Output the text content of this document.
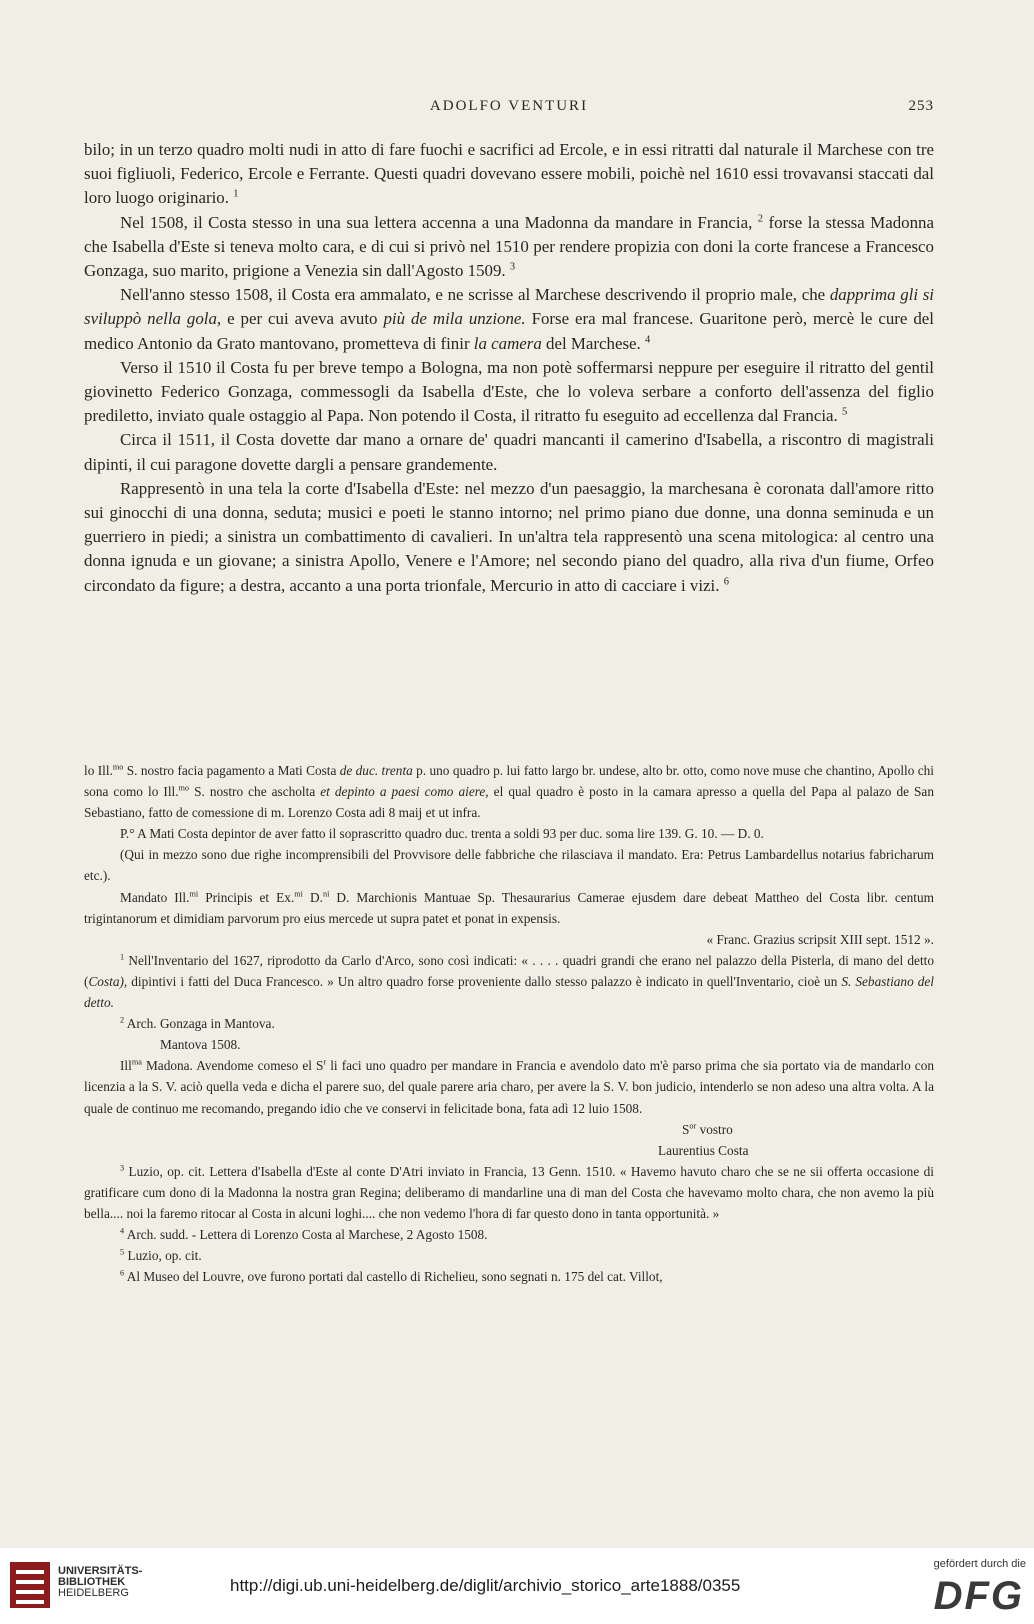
ADOLFO VENTURI	253

bilo; in un terzo quadro molti nudi in atto di fare fuochi e sacrifici ad Ercole, e in essi ritratti dal naturale il Marchese con tre suoi figliuoli, Federico, Ercole e Ferrante. Questi quadri dovevano essere mobili, poichè nel 1610 essi trovavansi staccati dal loro luogo originario. $^1$

Nel 1508, il Costa stesso in una sua lettera accenna a una Madonna da mandare in Francia, $^2$ forse la stessa Madonna che Isabella d'Este si teneva molto cara, e di cui si privò nel 1510 per rendere propizia con doni la corte francese a Francesco Gonzaga, suo marito, prigione a Venezia sin dall'Agosto 1509. $^3$

Nell'anno stesso 1508, il Costa era ammalato, e ne scrisse al Marchese descrivendo il proprio male, che dapprima gli si sviluppò nella gola, e per cui aveva avuto più de mila unzione. Forse era mal francese. Guaritone però, mercè le cure del medico Antonio da Grato mantovano, prometteva di finir la camera del Marchese. $^4$

Verso il 1510 il Costa fu per breve tempo a Bologna, ma non potè soffermarsi neppure per eseguire il ritratto del gentil giovinetto Federico Gonzaga, commessogli da Isabella d'Este, che lo voleva serbare a conforto dell'assenza del figlio prediletto, inviato quale ostaggio al Papa. Non potendo il Costa, il ritratto fu eseguito ad eccellenza dal Francia. $^5$

Circa il 1511, il Costa dovette dar mano a ornare de' quadri mancanti il camerino d'Isabella, a riscontro di magistrali dipinti, il cui paragone dovette dargli a pensare grandemente.

Rappresentò in una tela la corte d'Isabella d'Este: nel mezzo d'un paesaggio, la marchesana è coronata dall'amore ritto sui ginocchi di una donna, seduta; musici e poeti le stanno intorno; nel primo piano due donne, una donna seminuda e un guerriero in piedi; a sinistra un combattimento di cavalieri. In un'altra tela rappresentò una scena mitologica: al centro una donna ignuda e un giovane; a sinistra Apollo, Venere e l'Amore; nel secondo piano del quadro, alla riva d'un fiume, Orfeo circondato da figure; a destra, accanto a una porta trionfale, Mercurio in atto di cacciare i vizi. $^6$

lo Ill.$^{mo}$ S. nostro facia pagamento a Mati Costa de duc. trenta p. uno quadro p. lui fatto largo br. undese, alto br. otto, como nove muse che chantino, Apollo chi sona como lo Ill.$^{mo}$ S. nostro che ascholta et depinto a paesi como aiere, el qual quadro è posto in la camara apresso a quella del Papa al palazo de San Sebastiano, fatto de comessione di m. Lorenzo Costa adi 8 maij et ut infra.

P.° A Mati Costa depintor de aver fatto il soprascritto quadro duc. trenta a soldi 93 per duc. soma lire 139. G. 10. — D. 0.

(Qui in mezzo sono due righe incomprensibili del Provvisore delle fabbriche che rilasciava il mandato. Era: Petrus Lambardellus notarius fabricharum etc.).

Mandato Ill.$^{mi}$ Principis et Ex.$^{mi}$ D.$^{ni}$ D. Marchionis Mantuae Sp. Thesaurarius Camerae ejusdem dare debeat Mattheo del Costa libr. centum trigintanorum et dimidiam parvorum pro eius mercede ut supra patet et ponat in expensis.

« Franc. Grazius scripsit XIII sept. 1512 ».

$^1$ Nell'Inventario del 1627, riprodotto da Carlo d'Arco, sono così indicati: « . . . . quadri grandi che erano nel palazzo della Pisterla, di mano del detto (Costa), dipintivi i fatti del Duca Francesco. » Un altro quadro forse proveniente dallo stesso palazzo è indicato in quell'Inventario, cioè un S. Sebastiano del detto.

$^2$ Arch. Gonzaga in Mantova.

Mantova 1508.

Ill$^{ma}$ Madona. Avendome comeso el $S^r$ li faci uno quadro per mandare in Francia e avendolo dato m'è parso prima che sia portato via de mandarlo con licenzia a la S. V. aciò quella veda e dicha el parere suo, del quale parere aria charo, per avere la S. V. bon judicio, intenderlo se non adeso una altra volta. A la quale de continuo me recomando, pregando idio che ve conservi in felicitade bona, fata adì 12 luio 1508.

$S^{or}$ vostro

Laurentius Costa

$^3$ Luzio, op. cit. Lettera d'Isabella d'Este al conte D'Atri inviato in Francia, 13 Genn. 1510. « Havemo havuto charo che se ne sii offerta occasione di gratificare cum dono di la Madonna la nostra gran Regina; deliberamo di mandarline una di man del Costa che havevamo molto chara, che non avemo la più bella.... noi la faremo ritocar al Costa in alcuni loghi.... che non vedemo l'hora di far questo dono in tanta opportunità. »

$^4$ Arch. sudd. - Lettera di Lorenzo Costa al Marchese, 2 Agosto 1508.

$^5$ Luzio, op. cit.

$^6$ Al Museo del Louvre, ove furono portati dal castello di Richelieu, sono segnati n. 175 del cat. Villot,

UNIVERSITÄTS-
BIBLIOTHEK
HEIDELBERG	http://digi.ub.uni-heidelberg.de/diglit/archivio_storico_arte1888/0355
gefördert durch die
DFG
